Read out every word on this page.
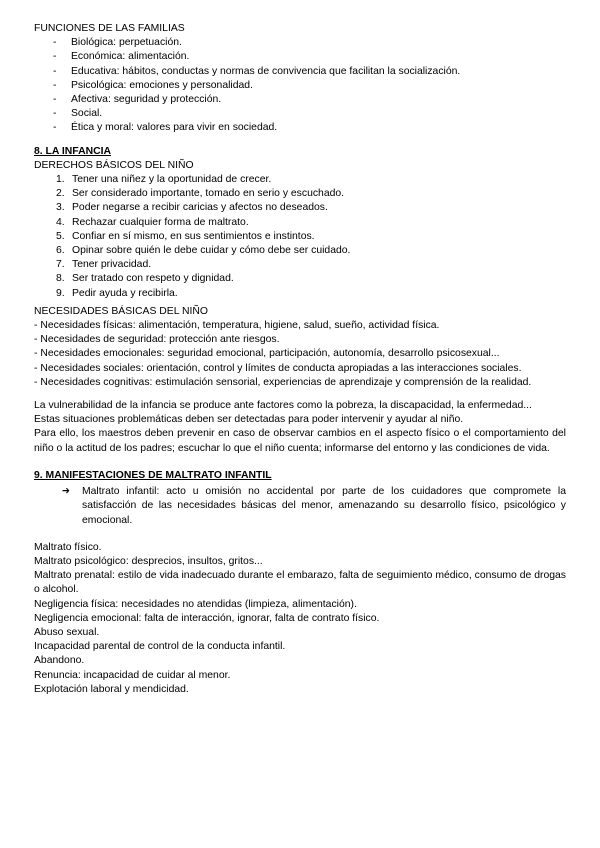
FUNCIONES DE LAS FAMILIAS
- Biológica: perpetuación.
- Económica: alimentación.
- Educativa: hábitos, conductas y normas de convivencia que facilitan la socialización.
- Psicológica: emociones y personalidad.
- Afectiva: seguridad y protección.
- Social.
- Ética y moral: valores para vivir en sociedad.
8. LA INFANCIA
DERECHOS BÁSICOS DEL NIÑO
1. Tener una niñez y la oportunidad de crecer.
2. Ser considerado importante, tomado en serio y escuchado.
3. Poder negarse a recibir caricias y afectos no deseados.
4. Rechazar cualquier forma de maltrato.
5. Confiar en sí mismo, en sus sentimientos e instintos.
6. Opinar sobre quién le debe cuidar y cómo debe ser cuidado.
7. Tener privacidad.
8. Ser tratado con respeto y dignidad.
9. Pedir ayuda y recibirla.
NECESIDADES BÁSICAS DEL NIÑO
- Necesidades físicas: alimentación, temperatura, higiene, salud, sueño, actividad física.
- Necesidades de seguridad: protección ante riesgos.
- Necesidades emocionales: seguridad emocional, participación, autonomía, desarrollo psicosexual...
- Necesidades sociales: orientación, control y límites de conducta apropiadas a las interacciones sociales.
- Necesidades cognitivas: estimulación sensorial, experiencias de aprendizaje y comprensión de la realidad.
La vulnerabilidad de la infancia se produce ante factores como la pobreza, la discapacidad, la enfermedad...
Estas situaciones problemáticas deben ser detectadas para poder intervenir y ayudar al niño.
Para ello, los maestros deben prevenir en caso de observar cambios en el aspecto físico o el comportamiento del niño o la actitud de los padres; escuchar lo que el niño cuenta; informarse del entorno y las condiciones de vida.
9. MANIFESTACIONES DE MALTRATO INFANTIL
➔ Maltrato infantil: acto u omisión no accidental por parte de los cuidadores que compromete la satisfacción de las necesidades básicas del menor, amenazando su desarrollo físico, psicológico y emocional.
Maltrato físico.
Maltrato psicológico: desprecios, insultos, gritos...
Maltrato prenatal: estilo de vida inadecuado durante el embarazo, falta de seguimiento médico, consumo de drogas o alcohol.
Negligencia física: necesidades no atendidas (limpieza, alimentación).
Negligencia emocional: falta de interacción, ignorar, falta de contrato físico.
Abuso sexual.
Incapacidad parental de control de la conducta infantil.
Abandono.
Renuncia: incapacidad de cuidar al menor.
Explotación laboral y mendicidad.
